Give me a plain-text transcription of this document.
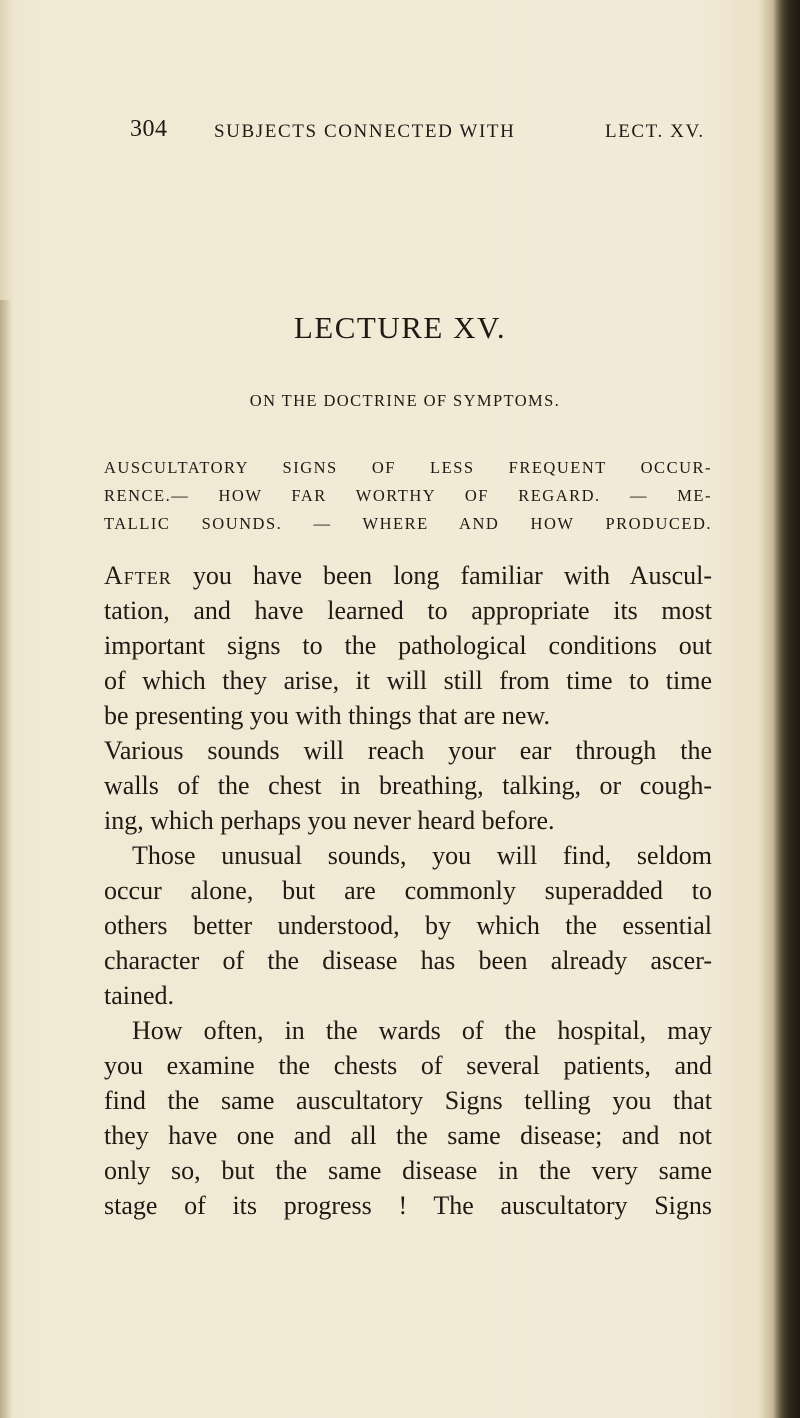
304 SUBJECTS CONNECTED WITH	LECT. XV.
LECTURE XV.
ON THE DOCTRINE OF SYMPTOMS.
AUSCULTATORY SIGNS OF LESS FREQUENT OCCUR-
RENCE.— HOW FAR WORTHY OF REGARD. — ME-
TALLIC SOUNDS. — WHERE AND HOW PRODUCED.
After you have been long familiar with Auscul-
tation, and have learned to appropriate its most
important signs to the pathological conditions out
of which they arise, it will still from time to time
be presenting you with things that are new.
Various sounds will reach your ear through the
walls of the chest in breathing, talking, or cough-
ing, which perhaps you never heard before.
Those unusual sounds, you will find, seldom
occur alone, but are commonly superadded to
others better understood, by which the essential
character of the disease has been already ascer-
tained.
How often, in the wards of the hospital, may
you examine the chests of several patients, and
find the same auscultatory Signs telling you that
they have one and all the same disease; and not
only so, but the same disease in the very same
stage of its progress ! The auscultatory Signs
